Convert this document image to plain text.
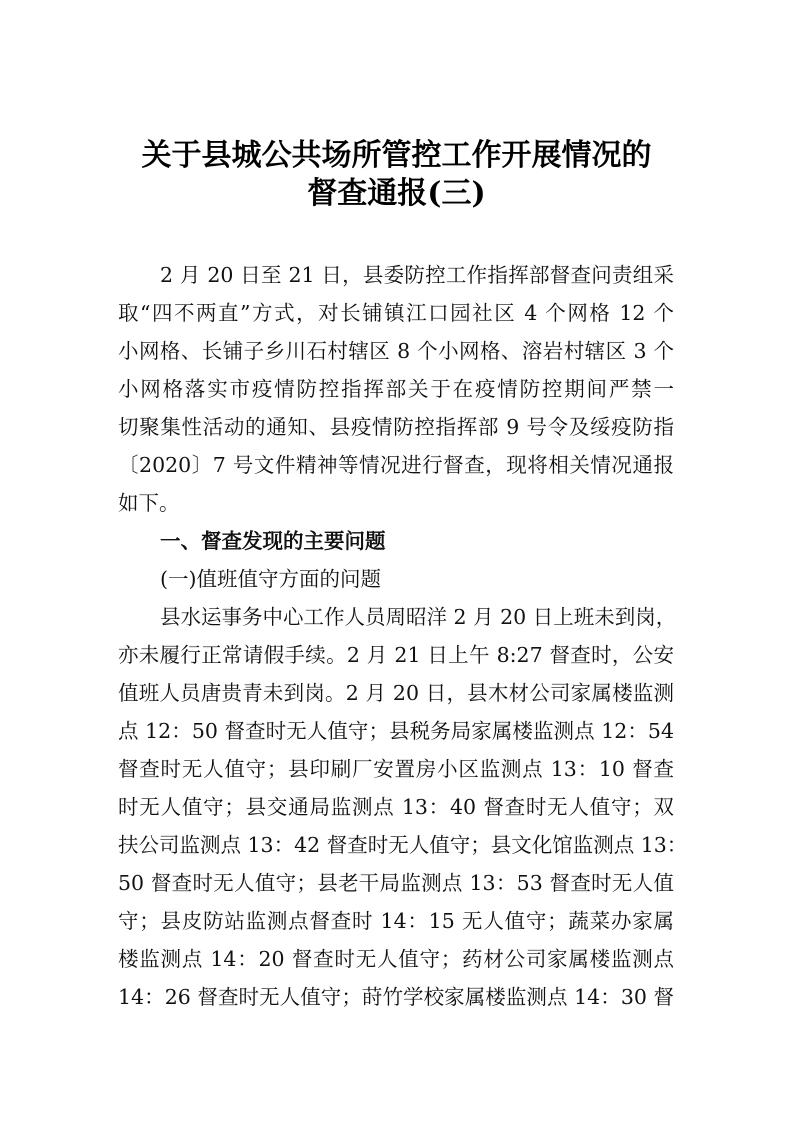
关于县城公共场所管控工作开展情况的
督查通报(三)
2 月 20 日至 21 日，县委防控工作指挥部督查问责组采
取“四不两直”方式，对长铺镇江口园社区 4 个网格 12 个
小网格、长铺子乡川石村辖区 8 个小网格、溶岩村辖区 3 个
小网格落实市疫情防控指挥部关于在疫情防控期间严禁一
切聚集性活动的通知、县疫情防控指挥部 9 号令及绥疫防指
〔2020〕7 号文件精神等情况进行督查，现将相关情况通报
如下。
一、督查发现的主要问题
(一)值班值守方面的问题
县水运事务中心工作人员周昭洋 2 月 20 日上班未到岗，
亦未履行正常请假手续。2 月 21 日上午 8:27 督查时，公安
值班人员唐贵青未到岗。2 月 20 日，县木材公司家属楼监测
点 12：50 督查时无人值守；县税务局家属楼监测点 12：54
督查时无人值守；县印刷厂安置房小区监测点 13：10 督查
时无人值守；县交通局监测点 13：40 督查时无人值守；双
扶公司监测点 13：42 督查时无人值守；县文化馆监测点 13：
50 督查时无人值守；县老干局监测点 13：53 督查时无人值
守；县皮防站监测点督查时 14：15 无人值守；蔬菜办家属
楼监测点 14：20 督查时无人值守；药材公司家属楼监测点
14：26 督查时无人值守；莳竹学校家属楼监测点 14：30 督
